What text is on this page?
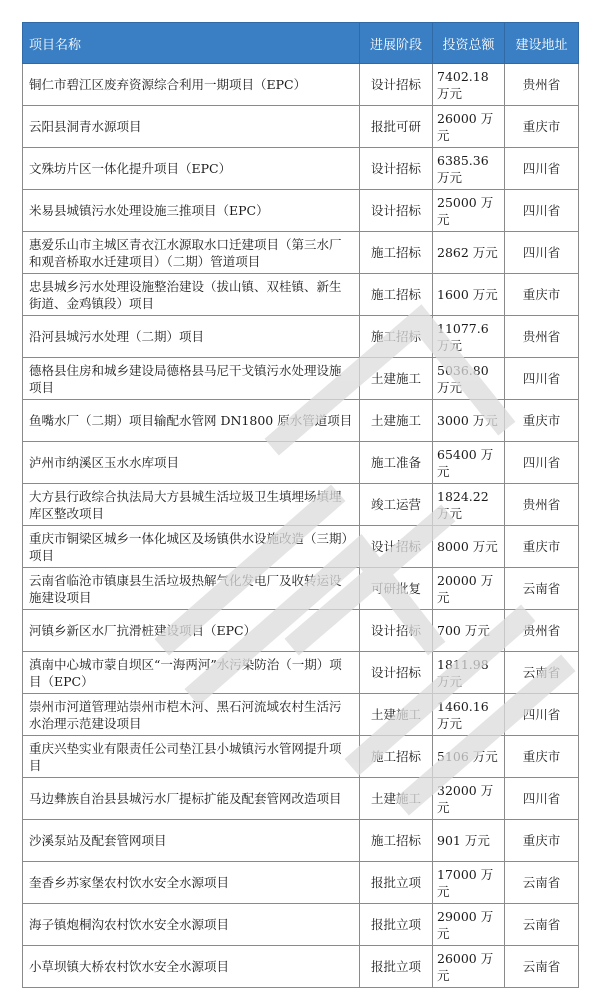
项目名称	进展阶段	投资总额	建设地址
铜仁市碧江区废弃资源综合利用一期项目（EPC）	设计招标	7402.18 万元	贵州省
云阳县洞青水源项目	报批可研	26000 万元	重庆市
文殊坊片区一体化提升项目（EPC）	设计招标	6385.36 万元	四川省
米易县城镇污水处理设施三推项目（EPC）	设计招标	25000 万元	四川省
惠爱乐山市主城区青衣江水源取水口迁建项目（第三水厂和观音桥取水迁建项目）（二期）管道项目	施工招标	2862 万元	四川省
忠县城乡污水处理设施整治建设（拔山镇、双桂镇、新生街道、金鸡镇段）项目	施工招标	1600 万元	重庆市
沿河县城污水处理（二期）项目	施工招标	11077.6 万元	贵州省
德格县住房和城乡建设局德格县马尼干戈镇污水处理设施项目	土建施工	5036.80 万元	四川省
鱼嘴水厂（二期）项目输配水管网 DN1800 原水管道项目	土建施工	3000 万元	重庆市
泸州市纳溪区玉水水库项目	施工准备	65400 万元	四川省
大方县行政综合执法局大方县城生活垃圾卫生填埋场填埋库区整改项目	竣工运营	1824.22 万元	贵州省
重庆市铜梁区城乡一体化城区及场镇供水设施改造（三期）项目	设计招标	8000 万元	重庆市
云南省临沧市镇康县生活垃圾热解气化发电厂及收转运设施建设项目	可研批复	20000 万元	云南省
河镇乡新区水厂抗滑桩建设项目（EPC）	设计招标	700 万元	贵州省
滇南中心城市蒙自坝区“一海两河”水污染防治（一期）项目（EPC）	设计招标	1811.98 万元	云南省
崇州市河道管理站崇州市桤木河、黑石河流域农村生活污水治理示范建设项目	土建施工	1460.16 万元	四川省
重庆兴垫实业有限责任公司垫江县小城镇污水管网提升项目	施工招标	5106 万元	重庆市
马边彝族自治县县城污水厂提标扩能及配套管网改造项目	土建施工	32000 万元	四川省
沙溪泵站及配套管网项目	施工招标	901 万元	重庆市
奎香乡苏家堡农村饮水安全水源项目	报批立项	17000 万元	云南省
海子镇炮桐沟农村饮水安全水源项目	报批立项	29000 万元	云南省
小草坝镇大桥农村饮水安全水源项目	报批立项	26000 万元	云南省
